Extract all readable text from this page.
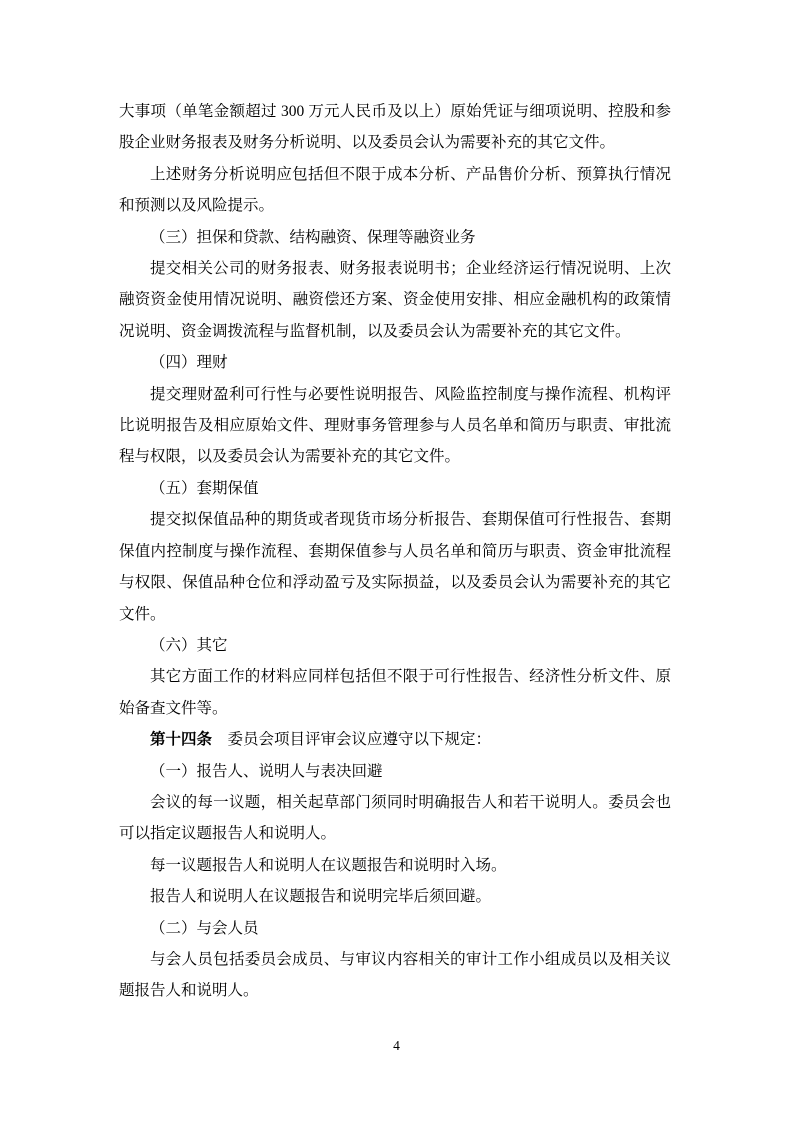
大事项（单笔金额超过 300 万元人民币及以上）原始凭证与细项说明、控股和参股企业财务报表及财务分析说明、以及委员会认为需要补充的其它文件。

上述财务分析说明应包括但不限于成本分析、产品售价分析、预算执行情况和预测以及风险提示。

（三）担保和贷款、结构融资、保理等融资业务

提交相关公司的财务报表、财务报表说明书；企业经济运行情况说明、上次融资资金使用情况说明、融资偿还方案、资金使用安排、相应金融机构的政策情况说明、资金调拨流程与监督机制，以及委员会认为需要补充的其它文件。

（四）理财

提交理财盈利可行性与必要性说明报告、风险监控制度与操作流程、机构评比说明报告及相应原始文件、理财事务管理参与人员名单和简历与职责、审批流程与权限，以及委员会认为需要补充的其它文件。

（五）套期保值

提交拟保值品种的期货或者现货市场分析报告、套期保值可行性报告、套期保值内控制度与操作流程、套期保值参与人员名单和简历与职责、资金审批流程与权限、保值品种仓位和浮动盈亏及实际损益，以及委员会认为需要补充的其它文件。

（六）其它

其它方面工作的材料应同样包括但不限于可行性报告、经济性分析文件、原始备查文件等。

第十四条　委员会项目评审会议应遵守以下规定：

（一）报告人、说明人与表决回避

会议的每一议题，相关起草部门须同时明确报告人和若干说明人。委员会也可以指定议题报告人和说明人。

每一议题报告人和说明人在议题报告和说明时入场。

报告人和说明人在议题报告和说明完毕后须回避。

（二）与会人员

与会人员包括委员会成员、与审议内容相关的审计工作小组成员以及相关议题报告人和说明人。

4
